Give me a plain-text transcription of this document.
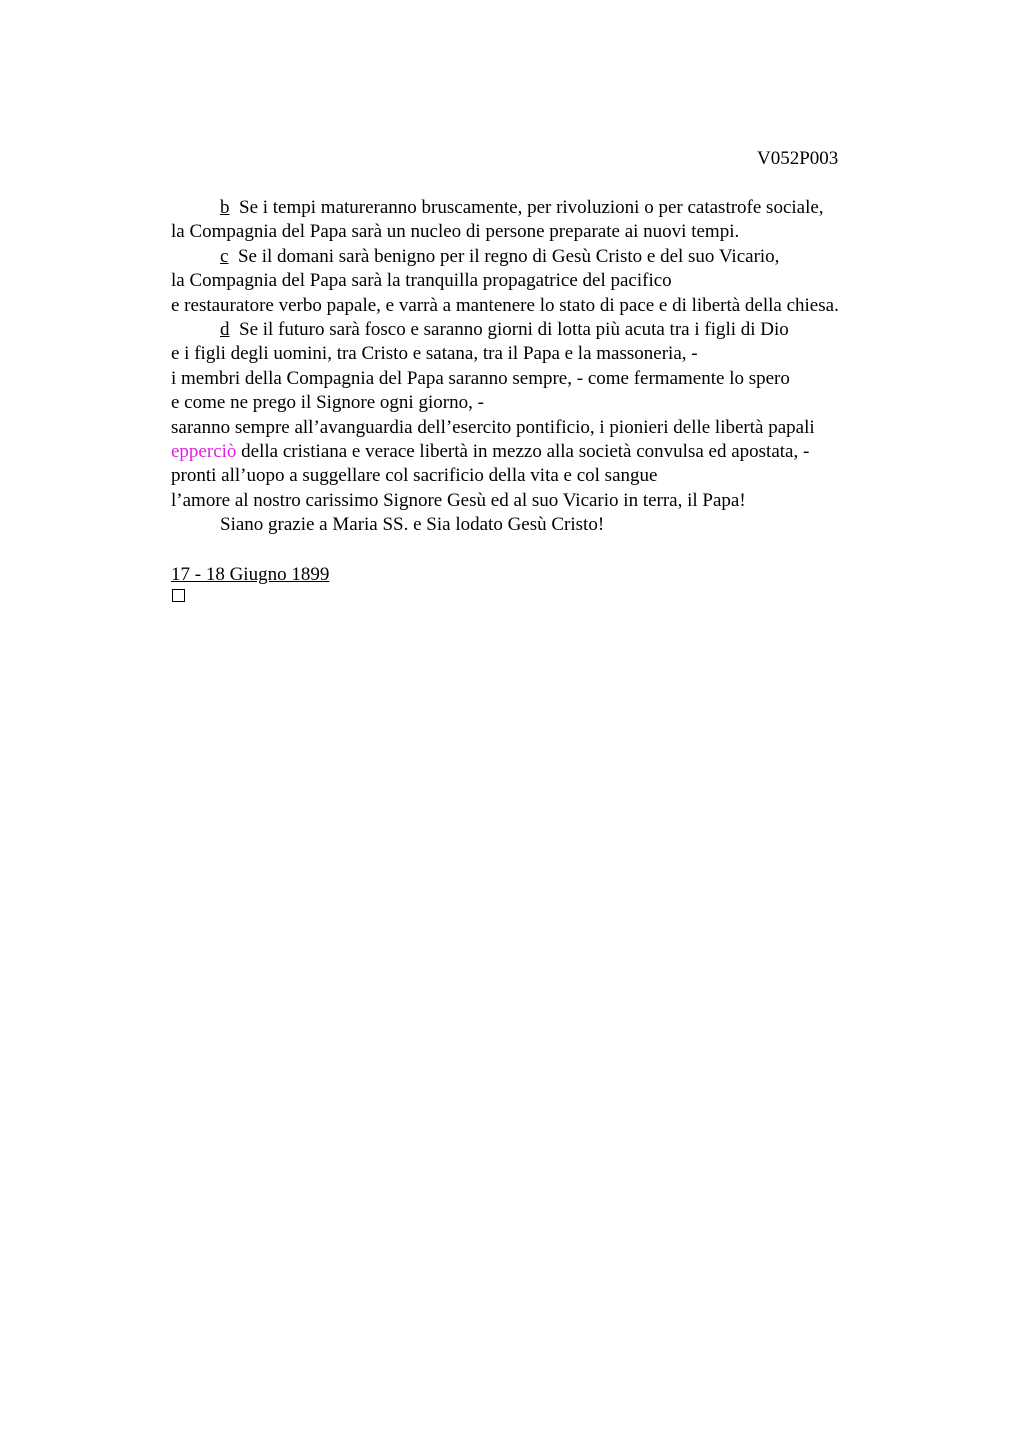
V052P003
b  Se i tempi matureranno bruscamente, per rivoluzioni o per catastrofe sociale,
la Compagnia del Papa sarà un nucleo di persone preparate ai nuovi tempi.
c  Se il domani sarà benigno per il regno di Gesù Cristo e del suo Vicario,
la Compagnia del Papa sarà la tranquilla propagatrice del pacifico
e restauratore verbo papale, e varrà a mantenere lo stato di pace e di libertà della chiesa.
d  Se il futuro sarà fosco e saranno giorni di lotta più acuta tra i figli di Dio
e i figli degli uomini, tra Cristo e satana, tra il Papa e la massoneria, -
i membri della Compagnia del Papa saranno sempre, - come fermamente lo spero
e come ne prego il Signore ogni giorno, -
saranno sempre all’avanguardia dell’esercito pontificio, i pionieri delle libertà papali
epperciò della cristiana e verace libertà in mezzo alla società convulsa ed apostata, -
pronti all’uopo a suggellare col sacrificio della vita e col sangue
l’amore al nostro carissimo Signore Gesù ed al suo Vicario in terra, il Papa!
Siano grazie a Maria SS. e Sia lodato Gesù Cristo!
17 - 18 Giugno 1899
